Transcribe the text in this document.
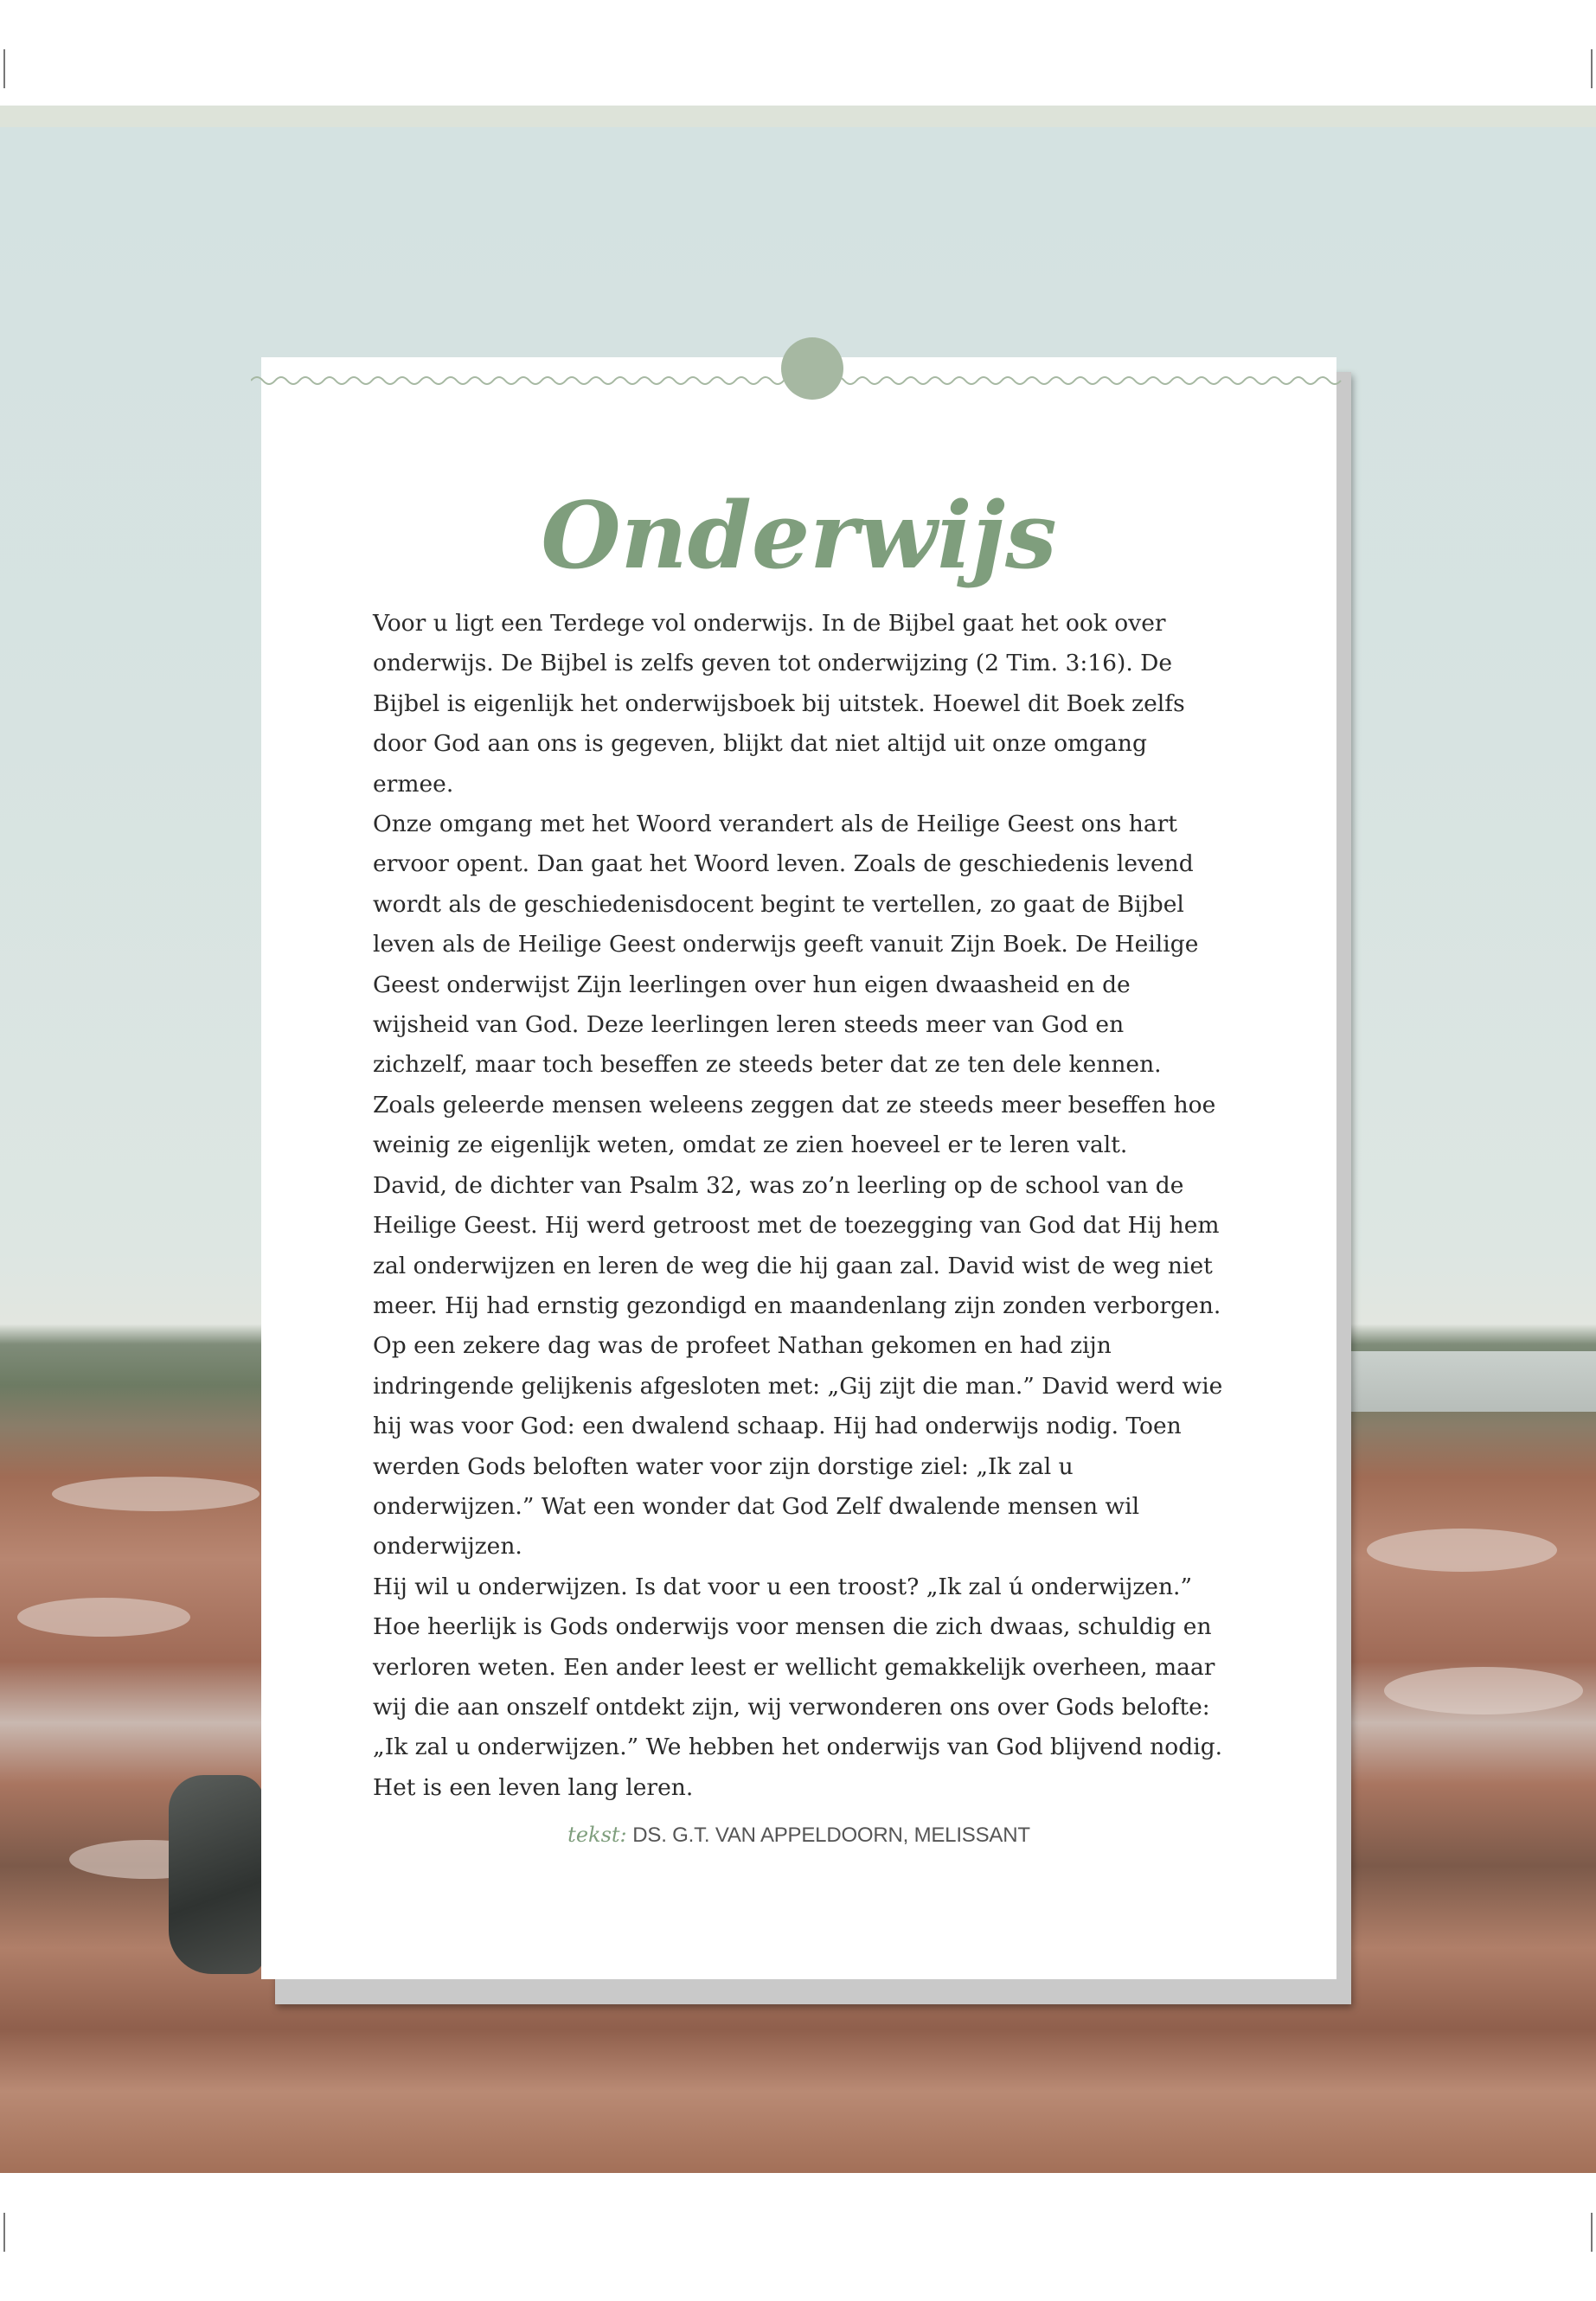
Onderwijs

Voor u ligt een Terdege vol onderwijs. In de Bijbel gaat het ook over onderwijs. De Bijbel is zelfs geven tot onderwijzing (2 Tim. 3:16). De Bijbel is eigenlijk het onderwijsboek bij uitstek. Hoewel dit Boek zelfs door God aan ons is gegeven, blijkt dat niet altijd uit onze omgang ermee.

Onze omgang met het Woord verandert als de Heilige Geest ons hart ervoor opent. Dan gaat het Woord leven. Zoals de geschiedenis levend wordt als de geschiedenisdocent begint te vertellen, zo gaat de Bijbel leven als de Heilige Geest onderwijs geeft vanuit Zijn Boek. De Heilige Geest onderwijst Zijn leerlingen over hun eigen dwaasheid en de wijsheid van God. Deze leerlingen leren steeds meer van God en zichzelf, maar toch beseffen ze steeds beter dat ze ten dele kennen. Zoals geleerde mensen weleens zeggen dat ze steeds meer beseffen hoe weinig ze eigenlijk weten, omdat ze zien hoeveel er te leren valt.

David, de dichter van Psalm 32, was zo’n leerling op de school van de Heilige Geest. Hij werd getroost met de toezegging van God dat Hij hem zal onderwijzen en leren de weg die hij gaan zal. David wist de weg niet meer. Hij had ernstig gezondigd en maandenlang zijn zonden verborgen. Op een zekere dag was de profeet Nathan gekomen en had zijn indringende gelijkenis afgesloten met: „Gij zijt die man.” David werd wie hij was voor God: een dwalend schaap. Hij had onderwijs nodig. Toen werden Gods beloften water voor zijn dorstige ziel: „Ik zal u onderwijzen.” Wat een wonder dat God Zelf dwalende mensen wil onderwijzen.

Hij wil u onderwijzen. Is dat voor u een troost? „Ik zal ú onderwijzen.” Hoe heerlijk is Gods onderwijs voor mensen die zich dwaas, schuldig en verloren weten. Een ander leest er wellicht gemakkelijk overheen, maar wij die aan onszelf ontdekt zijn, wij verwonderen ons over Gods belofte: „Ik zal u onderwijzen.” We hebben het onderwijs van God blijvend nodig. Het is een leven lang leren.

tekst: DS. G.T. VAN APPELDOORN, MELISSANT
